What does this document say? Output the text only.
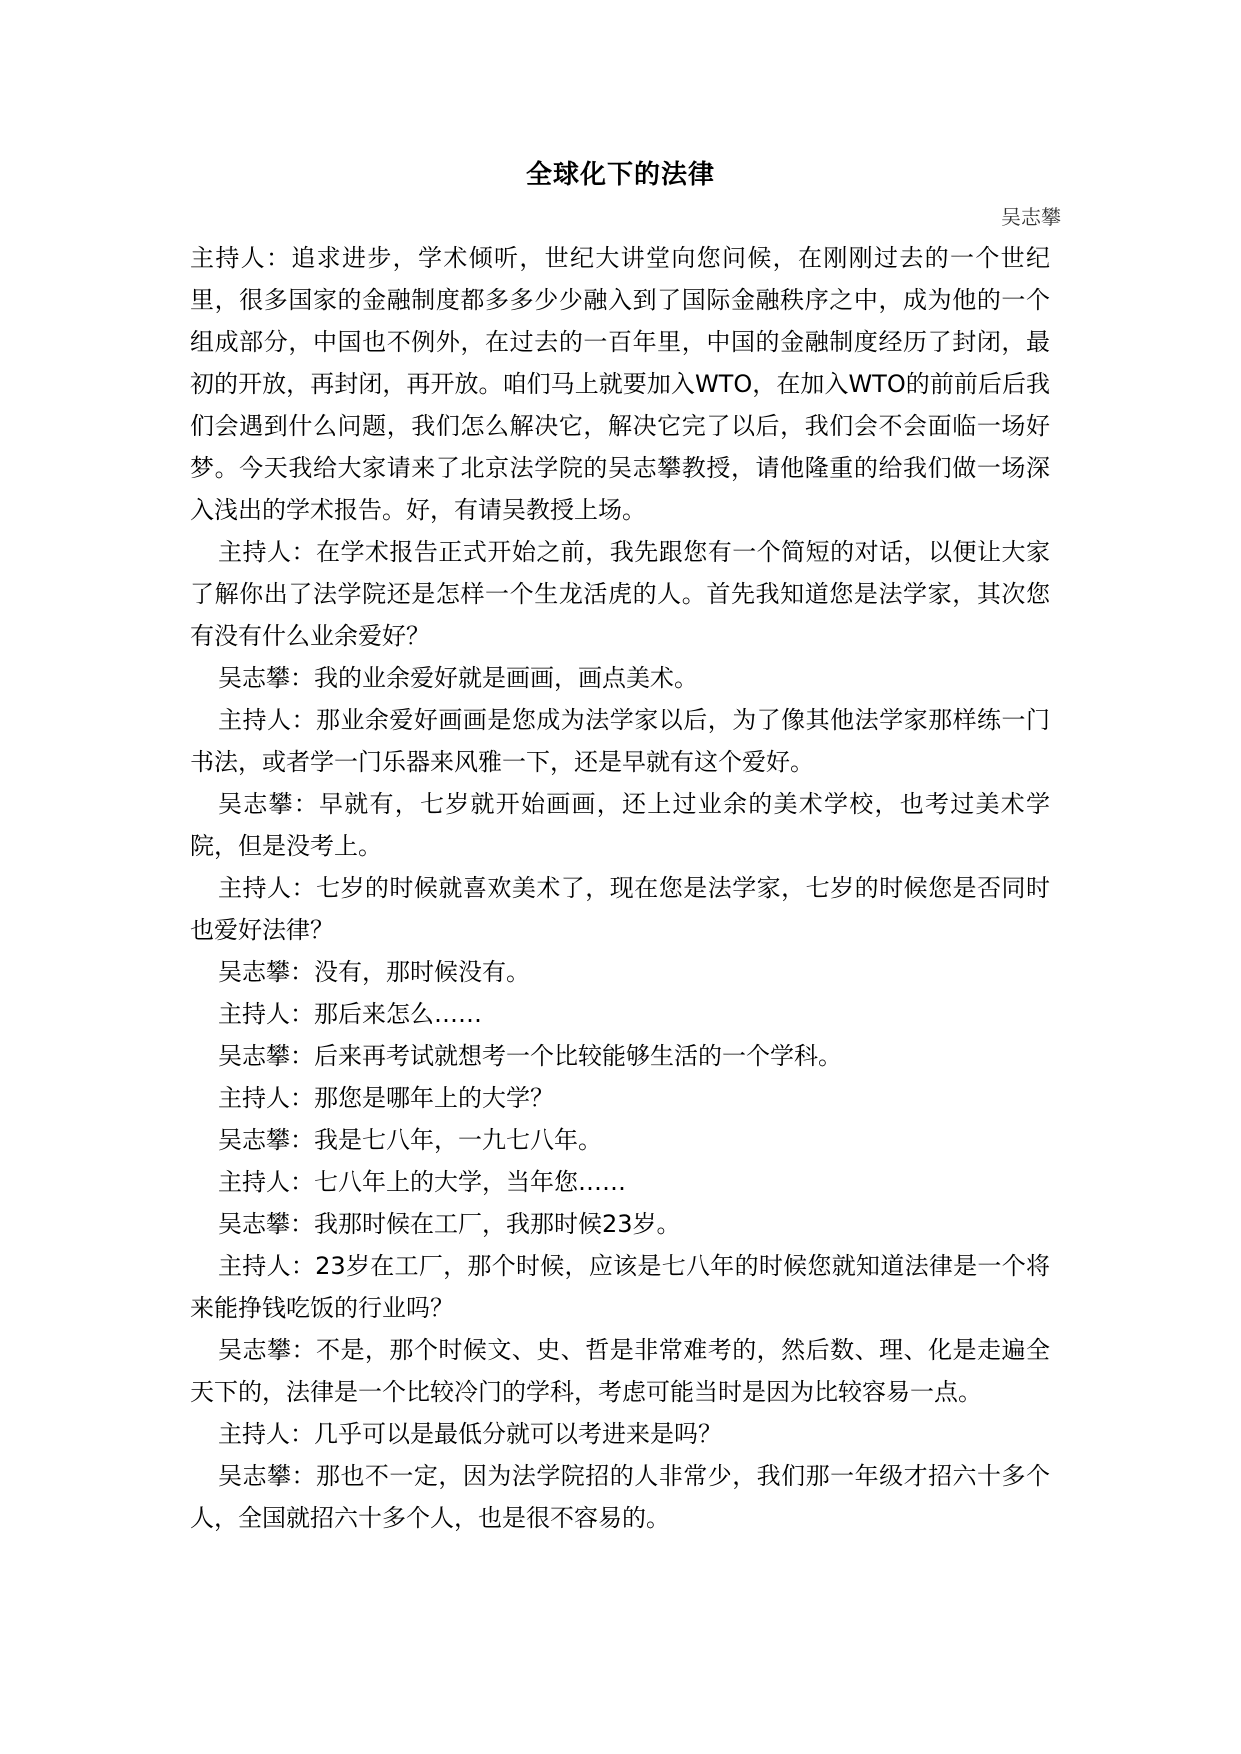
全球化下的法律
吴志攀

主持人：追求进步，学术倾听，世纪大讲堂向您问候，在刚刚过去的一个世纪里，很多国家的金融制度都多多少少融入到了国际金融秩序之中，成为他的一个组成部分，中国也不例外，在过去的一百年里，中国的金融制度经历了封闭，最初的开放，再封闭，再开放。咱们马上就要加入WTO，在加入WTO的前前后后我们会遇到什么问题，我们怎么解决它，解决它完了以后，我们会不会面临一场好梦。今天我给大家请来了北京法学院的吴志攀教授，请他隆重的给我们做一场深入浅出的学术报告。好，有请吴教授上场。

主持人：在学术报告正式开始之前，我先跟您有一个简短的对话，以便让大家了解你出了法学院还是怎样一个生龙活虎的人。首先我知道您是法学家，其次您有没有什么业余爱好？

吴志攀：我的业余爱好就是画画，画点美术。

主持人：那业余爱好画画是您成为法学家以后，为了像其他法学家那样练一门书法，或者学一门乐器来风雅一下，还是早就有这个爱好。

吴志攀：早就有，七岁就开始画画，还上过业余的美术学校，也考过美术学院，但是没考上。

主持人：七岁的时候就喜欢美术了，现在您是法学家，七岁的时候您是否同时也爱好法律？

吴志攀：没有，那时候没有。

主持人：那后来怎么……

吴志攀：后来再考试就想考一个比较能够生活的一个学科。

主持人：那您是哪年上的大学？

吴志攀：我是七八年，一九七八年。

主持人：七八年上的大学，当年您……

吴志攀：我那时候在工厂，我那时候23岁。

主持人：23岁在工厂，那个时候，应该是七八年的时候您就知道法律是一个将来能挣钱吃饭的行业吗？

吴志攀：不是，那个时候文、史、哲是非常难考的，然后数、理、化是走遍全天下的，法律是一个比较冷门的学科，考虑可能当时是因为比较容易一点。

主持人：几乎可以是最低分就可以考进来是吗？

吴志攀：那也不一定，因为法学院招的人非常少，我们那一年级才招六十多个人，全国就招六十多个人，也是很不容易的。
